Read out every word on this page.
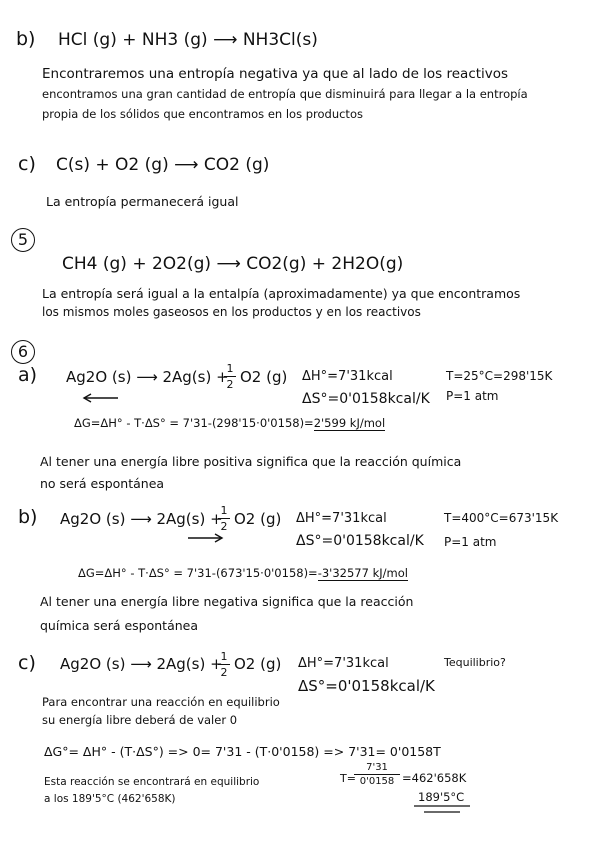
b) HCl (g) + NH3 (g) ⟶ NH3Cl(s)
Encontraremos una entropía negativa ya que al lado de los reactivos
encontramos una gran cantidad de entropía que disminuirá para llegar a la entropía
propia de los sólidos que encontramos en los productos
c) C(s) + O2 (g) ⟶ CO2 (g)
La entropía permanecerá igual
5
CH4 (g) + 2O2(g) ⟶ CO2(g) + 2H2O(g)
La entropía será igual a la entalpía (aproximadamente) ya que encontramos
los mismos moles gaseosos en los productos y en los reactivos
6
a) Ag2O (s) ⟶ 2Ag(s) +
1
2 O2 (g) ΔH°=7'31kcal
ΔS°=0'0158kcal/K
T=25°C=298'15K
P=1 atm
ΔG=ΔH° - T·ΔS° = 7'31-(298'15·0'0158)=2'599 kJ/mol
Al tener una energía libre positiva significa que la reacción química
no será espontánea
b) Ag2O (s) ⟶ 2Ag(s) +
1
2 O2 (g) ΔH°=7'31kcal
ΔS°=0'0158kcal/K
T=400°C=673'15K
P=1 atm
ΔG=ΔH° - T·ΔS° = 7'31-(673'15·0'0158)=-3'32577 kJ/mol
Al tener una energía libre negativa significa que la reacción
química será espontánea
c) Ag2O (s) ⟶ 2Ag(s) +
1
2 O2 (g) ΔH°=7'31kcal
ΔS°=0'0158kcal/K
Tequilibrio?
Para encontrar una reacción en equilibrio
su energía libre deberá de valer 0
ΔG°= ΔH° - (T·ΔS°) => 0= 7'31 - (T·0'0158) => 7'31= 0'0158T
Esta reacción se encontrará en equilibrio
a los 189'5°C (462'658K)
T=
7'31
0'0158 =462'658K
189'5°C
